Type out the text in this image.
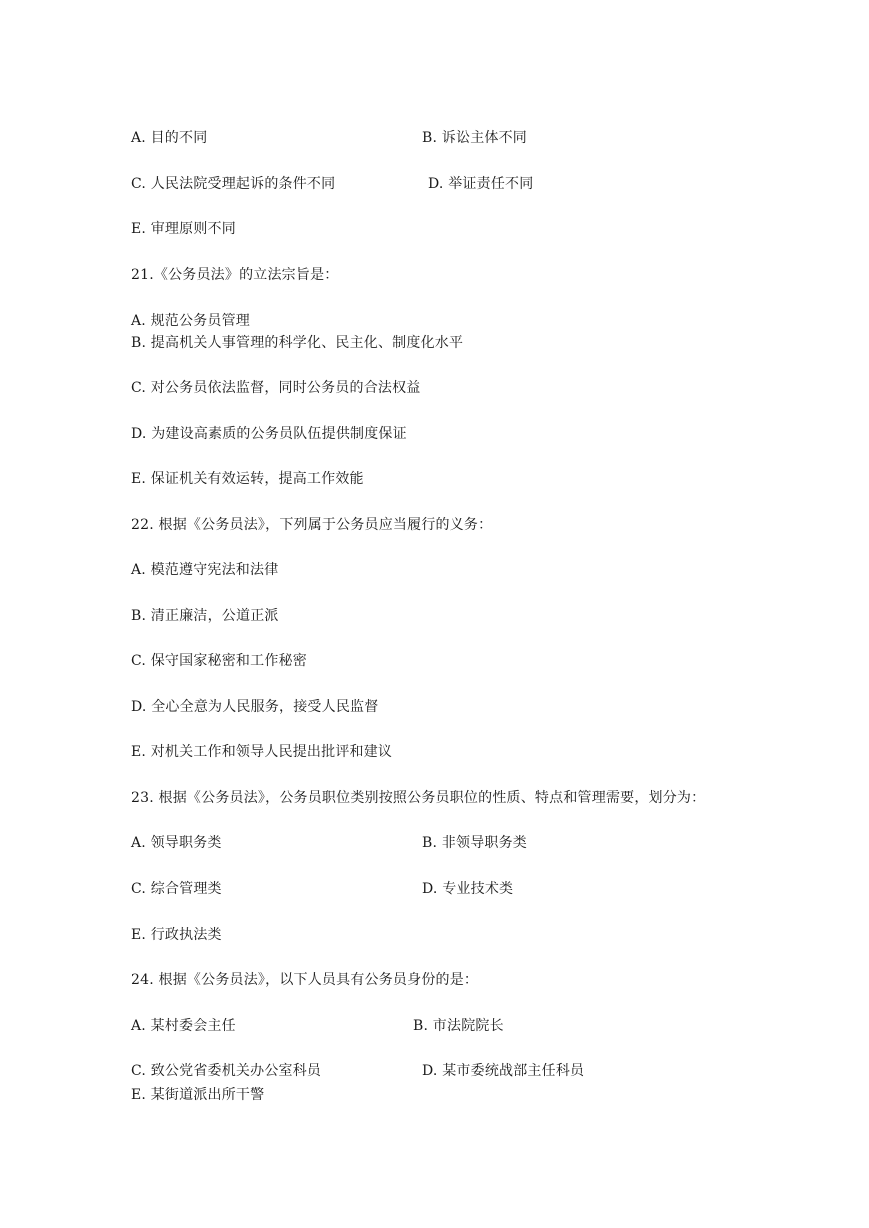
A. 目的不同	B. 诉讼主体不同
C. 人民法院受理起诉的条件不同	D. 举证责任不同
E. 审理原则不同
21.《公务员法》的立法宗旨是：
A. 规范公务员管理
B. 提高机关人事管理的科学化、民主化、制度化水平
C. 对公务员依法监督，同时公务员的合法权益
D. 为建设高素质的公务员队伍提供制度保证
E. 保证机关有效运转，提高工作效能
22. 根据《公务员法》，下列属于公务员应当履行的义务：
A. 模范遵守宪法和法律
B. 清正廉洁，公道正派
C. 保守国家秘密和工作秘密
D. 全心全意为人民服务，接受人民监督
E. 对机关工作和领导人民提出批评和建议
23. 根据《公务员法》，公务员职位类别按照公务员职位的性质、特点和管理需要，划分为：
A. 领导职务类	B. 非领导职务类
C. 综合管理类	D. 专业技术类
E. 行政执法类
24. 根据《公务员法》，以下人员具有公务员身份的是：
A. 某村委会主任	B. 市法院院长
C. 致公党省委机关办公室科员	D. 某市委统战部主任科员
E. 某街道派出所干警
